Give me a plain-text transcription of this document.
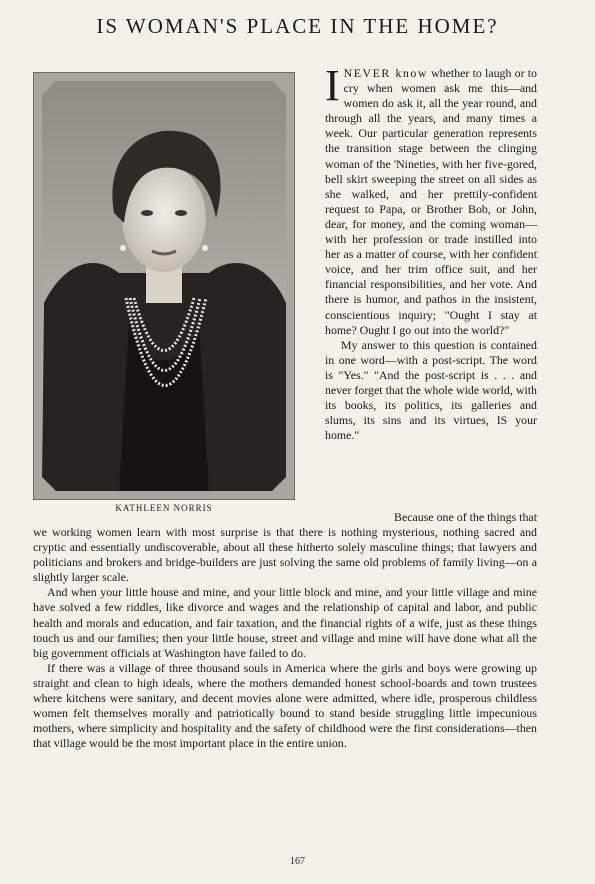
IS WOMAN'S PLACE IN THE HOME?
KATHLEEN NORRIS
INEVER know whether to laugh or to cry when women ask me this—and women do ask it, all the year round, and through all the years, and many times a week. Our particular generation represents the transition stage between the clinging woman of the 'Nineties, with her five-gored, bell skirt sweeping the street on all sides as she walked, and her prettily-confident request to Papa, or Brother Bob, or John, dear, for money, and the coming woman—with her profession or trade instilled into her as a matter of course, with her confident voice, and her trim office suit, and her financial responsibilities, and her vote. And there is humor, and pathos in the insistent, conscientious inquiry; "Ought I stay at home? Ought I go out into the world?"

My answer to this question is contained in one word—with a post-script. The word is "Yes." "And the post-script is . . . and never forget that the whole wide world, with its books, its politics, its galleries and slums, its sins and its virtues, IS your home."

Because one of the things that

we working women learn with most surprise is that there is nothing mysterious, nothing sacred and cryptic and essentially undiscoverable, about all these hitherto solely masculine things; that lawyers and politicians and brokers and bridge-builders are just solving the same old problems of family living—on a slightly larger scale.

And when your little house and mine, and your little block and mine, and your little village and mine have solved a few riddles, like divorce and wages and the relationship of capital and labor, and public health and morals and education, and fair taxation, and the financial rights of a wife, just as these things touch us and our families; then your little house, street and village and mine will have done what all the big government officials at Washington have failed to do.

If there was a village of three thousand souls in America where the girls and boys were growing up straight and clean to high ideals, where the mothers demanded honest school-boards and town trustees where kitchens were sanitary, and decent movies alone were admitted, where idle, prosperous childless women felt themselves morally and patriotically bound to stand beside struggling little impecunious mothers, where simplicity and hospitality and the safety of childhood were the first considerations—then that village would be the most important place in the entire union.

167
